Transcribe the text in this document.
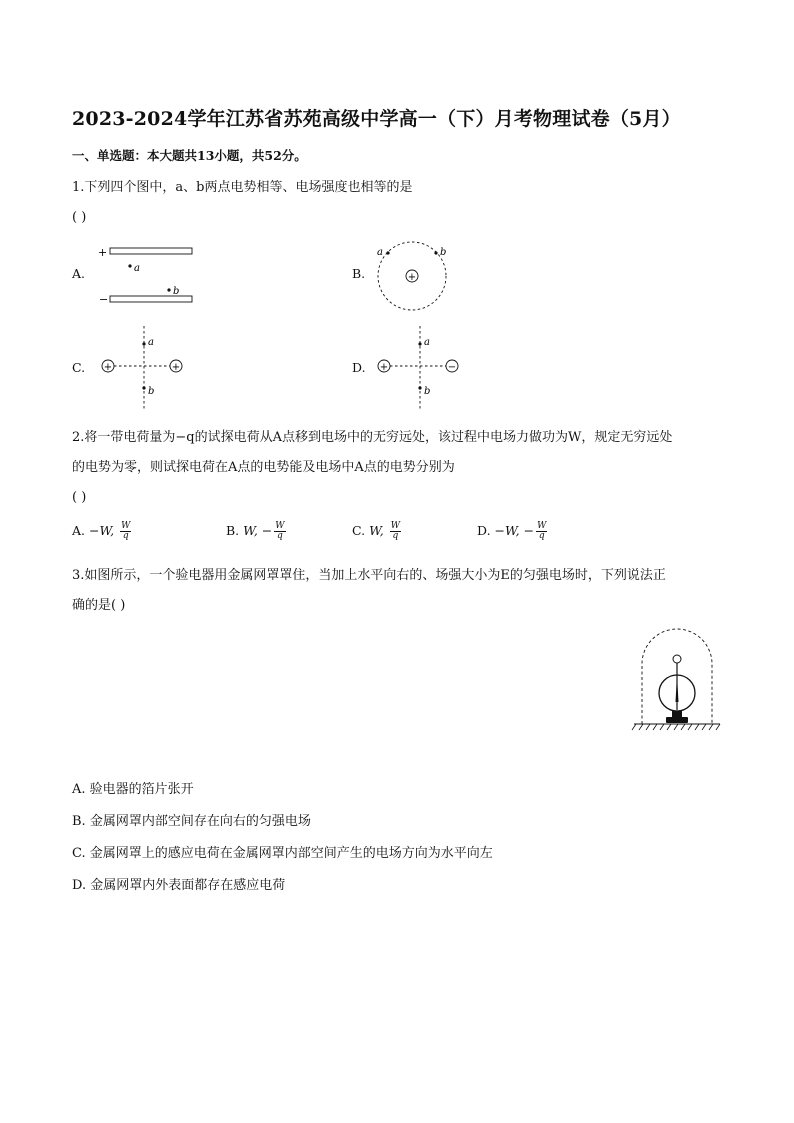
2023-2024学年江苏省苏苑高级中学高一（下）月考物理试卷（5月）
一、单选题：本大题共13小题，共52分。
1.下列四个图中，a、b两点电势相等、电场强度也相等的是
( )
A.	B.
C.	D.
+
a
b
−
+
a	b
+	+
a
b
+	−
a
b
2.将一带电荷量为−q的试探电荷从A点移到电场中的无穷远处，该过程中电场力做功为W，规定无穷远处
的电势为零，则试探电荷在A点的电势能及电场中A点的电势分别为
( )
A. −W, $\frac{W}{q}$	B. W, − $\frac{W}{q}$	C. W, $\frac{W}{q}$	D. −W, − $\frac{W}{q}$
3.如图所示，一个验电器用金属网罩罩住，当加上水平向右的、场强大小为E的匀强电场时，下列说法正
确的是( )
A. 验电器的箔片张开
B. 金属网罩内部空间存在向右的匀强电场
C. 金属网罩上的感应电荷在金属网罩内部空间产生的电场方向为水平向左
D. 金属网罩内外表面都存在感应电荷
